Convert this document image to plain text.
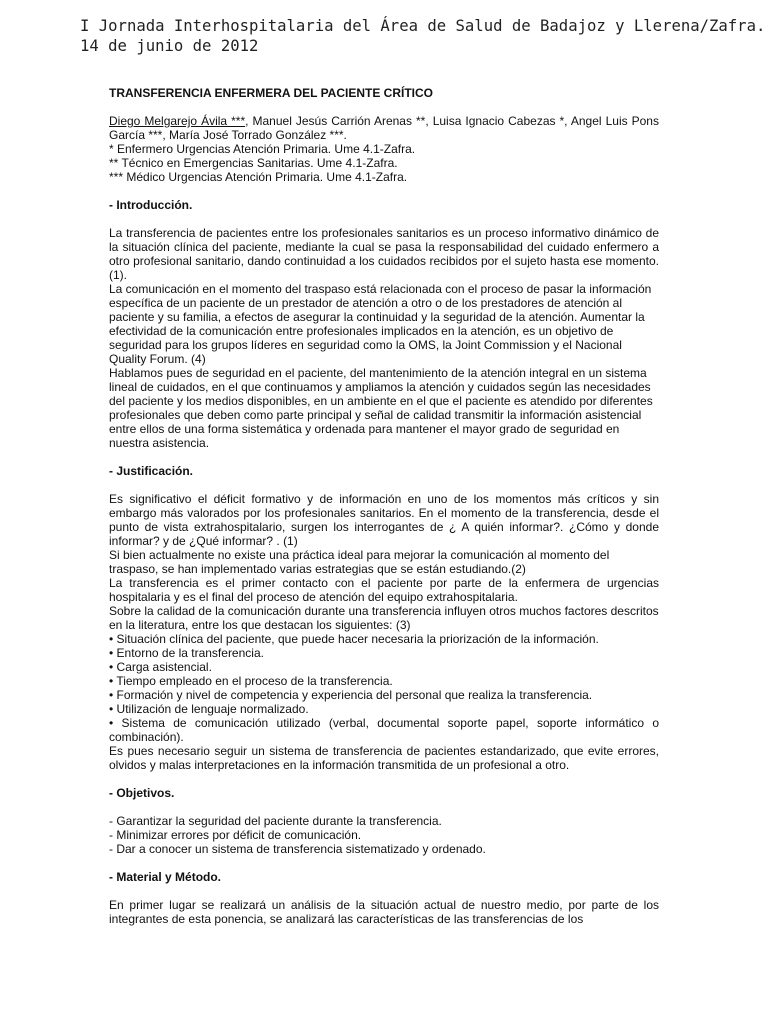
I Jornada Interhospitalaria del Área de Salud de Badajoz y Llerena/Zafra.
14 de junio de 2012

TRANSFERENCIA ENFERMERA DEL PACIENTE CRÍTICO

Diego Melgarejo Ávila ***, Manuel Jesús Carrión Arenas **, Luisa Ignacio Cabezas *, Angel Luis Pons García ***, María José Torrado González ***.

* Enfermero Urgencias Atención Primaria. Ume 4.1-Zafra.

** Técnico en Emergencias Sanitarias. Ume 4.1-Zafra.

*** Médico Urgencias Atención Primaria. Ume 4.1-Zafra.

- Introducción.

La transferencia de pacientes entre los profesionales sanitarios es un proceso informativo dinámico de la situación clínica del paciente, mediante la cual se pasa la responsabilidad del cuidado enfermero a otro profesional sanitario, dando continuidad a los cuidados recibidos por el sujeto hasta ese momento. (1).

La comunicación en el momento del traspaso está relacionada con el proceso de pasar la información específica de un paciente de un prestador de atención a otro o de los prestadores de atención al paciente y su familia, a efectos de asegurar la continuidad y la seguridad de la atención. Aumentar la efectividad de la comunicación entre profesionales implicados en la atención, es un objetivo de seguridad para los grupos líderes en seguridad como la OMS, la Joint Commission y el Nacional Quality Forum. (4)

Hablamos pues de seguridad en el paciente, del mantenimiento de la atención integral en un sistema lineal de cuidados, en el que continuamos y ampliamos la atención y cuidados según las necesidades del paciente y los medios disponibles, en un ambiente en el que el paciente es atendido por diferentes profesionales que deben como parte principal y señal de calidad transmitir la información asistencial entre ellos de una forma sistemática y ordenada para mantener el mayor grado de seguridad en nuestra asistencia.

- Justificación.

Es significativo el déficit formativo y de información en uno de los momentos más críticos y sin embargo más valorados por los profesionales sanitarios. En el momento de la transferencia, desde el punto de vista extrahospitalario, surgen los interrogantes de ¿ A quién informar?. ¿Cómo y donde informar? y de ¿Qué informar? . (1)

Si bien actualmente no existe una práctica ideal para mejorar la comunicación al momento del traspaso, se han implementado varias estrategias que se están estudiando.(2)

La transferencia es el primer contacto con el paciente por parte de la enfermera de urgencias hospitalaria y es el final del proceso de atención del equipo extrahospitalaria.

Sobre la calidad de la comunicación durante una transferencia influyen otros muchos factores descritos en la literatura, entre los que destacan los siguientes: (3)

• Situación clínica del paciente, que puede hacer necesaria la priorización de la información.

• Entorno de la transferencia.

• Carga asistencial.

• Tiempo empleado en el proceso de la transferencia.

• Formación y nivel de competencia y experiencia del personal que realiza la transferencia.

• Utilización de lenguaje normalizado.

• Sistema de comunicación utilizado (verbal, documental soporte papel, soporte informático o combinación).

Es pues necesario seguir un sistema de transferencia de pacientes estandarizado, que evite errores, olvidos y malas interpretaciones en la información transmitida de un profesional a otro.

- Objetivos.

- Garantizar la seguridad del paciente durante la transferencia.

- Minimizar errores por déficit de comunicación.

- Dar a conocer un sistema de transferencia sistematizado y ordenado.

- Material y Método.

En primer lugar se realizará un análisis de la situación actual de nuestro medio, por parte de los integrantes de esta ponencia, se analizará las características de las transferencias de los
